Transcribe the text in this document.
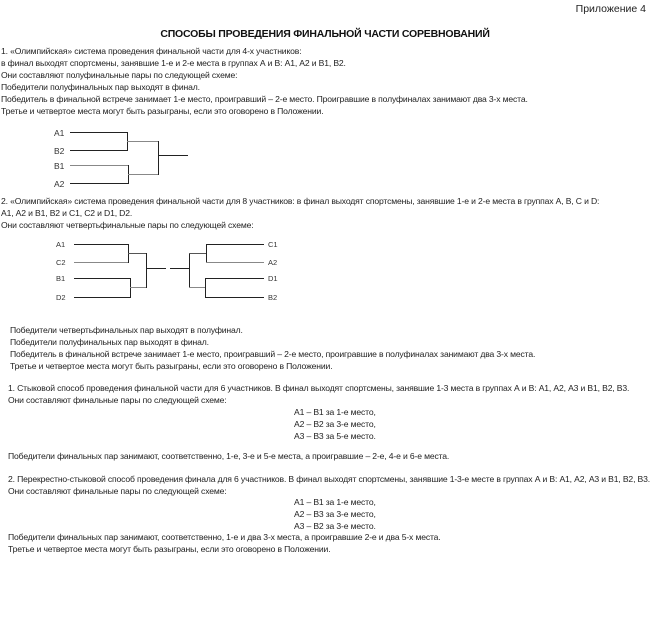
Приложение 4
СПОСОБЫ ПРОВЕДЕНИЯ ФИНАЛЬНОЙ ЧАСТИ СОРЕВНОВАНИЙ
1. «Олимпийская» система проведения финальной части для 4-х участников:
в финал выходят спортсмены, занявшие 1-е и 2-е места в группах А и В: А1, А2 и В1, В2.
Они составляют полуфинальные пары по следующей схеме:
Победители полуфинальных пар выходят в финал.
Победитель в финальной встрече занимает 1-е место, проигравший – 2-е место. Проигравшие в полуфиналах занимают два 3-х места.
Третье и четвертое места могут быть разыграны, если это оговорено в Положении.
А1
В2
В1
А2
А1
С2
В1
D2
С1
А2
D1
В2
2. «Олимпийская» система проведения финальной части для 8 участников: в финал выходят спортсмены, занявшие 1-е и 2-е места в группах А, В, С и D:
А1, А2 и В1, В2 и С1, С2 и D1, D2.
Они составляют четвертьфинальные пары по следующей схеме:
Победители четвертьфинальных пар выходят в полуфинал.
Победители полуфинальных пар выходят в финал.
Победитель в финальной встрече занимает 1-е место, проигравший – 2-е место, проигравшие в полуфиналах занимают два 3-х места.
Третье и четвертое места могут быть разыграны, если это оговорено в Положении.
1. Стыковой способ проведения финальной части для 6 участников. В финал выходят спортсмены, занявшие 1-3 места в группах А и В: А1, А2, А3 и В1, В2, В3.
Они составляют финальные пары по следующей схеме:
А1 – В1 за 1-е место,
А2 – В2 за 3-е место,
А3 – В3 за 5-е место.
Победители финальных пар занимают, соответственно, 1-е, 3-е и 5-е места, а проигравшие – 2-е, 4-е и 6-е места.
2. Перекрестно-стыковой способ проведения финала для 6 участников. В финал выходят спортсмены, занявшие 1-3-е месте в группах А и В: А1, А2, А3 и В1, В2, В3.
Они составляют финальные пары по следующей схеме:
А1 – В1 за 1-е место,
А2 – В3 за 3-е место,
А3 – В2 за 3-е место.
Победители финальных пар занимают, соответственно, 1-е и два 3-х места, а проигравшие 2-е и два 5-х места.
Третье и четвертое места могут быть разыграны, если это оговорено в Положении.
